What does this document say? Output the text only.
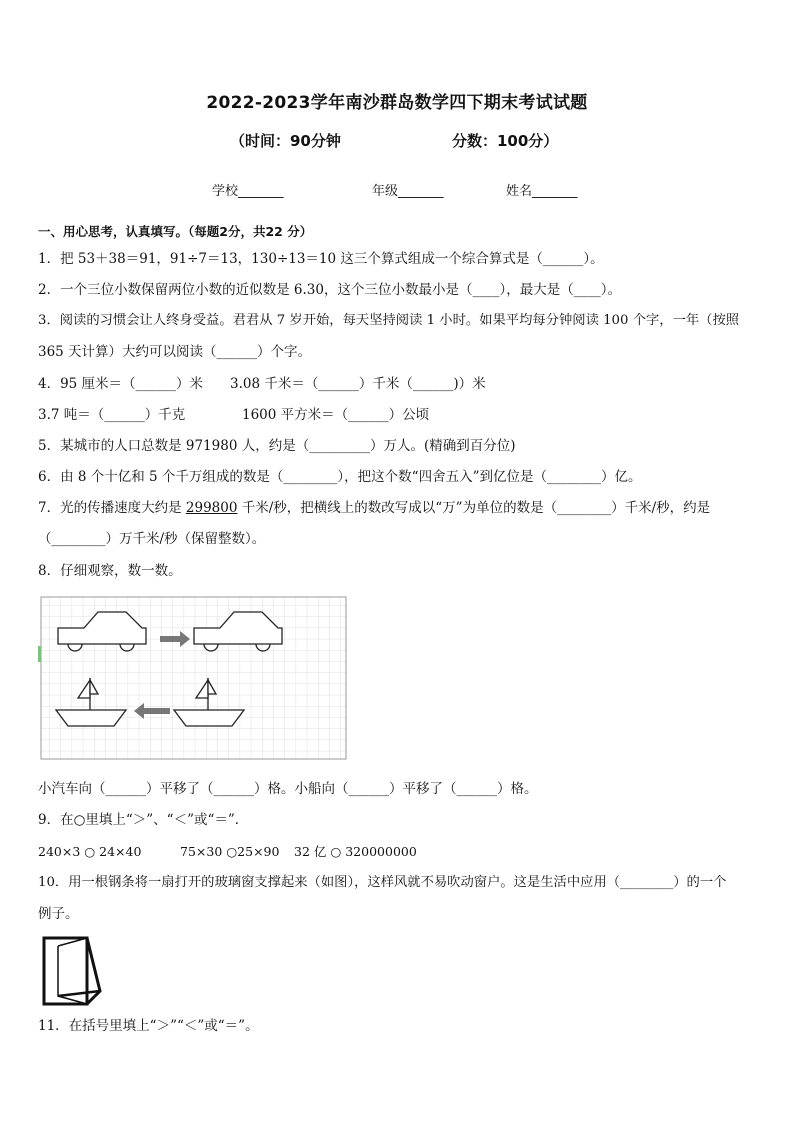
2022-2023学年南沙群岛数学四下期末考试试题
（时间：90分钟	分数：100分）
学校_______	年级_______	姓名_______
一、用心思考，认真填写。（每题2分，共22 分）
1．把 53＋38＝91，91÷7＝13，130÷13＝10 这三个算式组成一个综合算式是（______）。
2．一个三位小数保留两位小数的近似数是 6.30，这个三位小数最小是（____），最大是（____）。
3．阅读的习惯会让人终身受益。君君从 7 岁开始，每天坚持阅读 1 小时。如果平均每分钟阅读 100 个字，一年（按照
365 天计算）大约可以阅读（______）个字。
4．95 厘米＝（______）米 3.08 千米＝（______）千米（______)）米
3.7 吨＝（______）千克	1600 平方米＝（______）公顷
5．某城市的人口总数是 971980 人，约是（_________）万人。(精确到百分位)
6．由 8 个十亿和 5 个千万组成的数是（________），把这个数“四舍五入”到亿位是（________）亿。
7．光的传播速度大约是 299800 千米/秒，把横线上的数改写成以“万”为单位的数是（________）千米/秒，约是
（________）万千米/秒（保留整数）。
8．仔细观察，数一数。
小汽车向（______）平移了（______）格。小船向（______）平移了（______）格。
9．在○里填上“＞”、“＜”或“＝”．
240×3 ○ 24×40	75×30 ○25×90 32 亿 ○ 320000000
10．用一根钢条将一扇打开的玻璃窗支撑起来（如图），这样风就不易吹动窗户。这是生活中应用（________）的一个
例子。
11．在括号里填上“＞”“＜”或“＝”。
